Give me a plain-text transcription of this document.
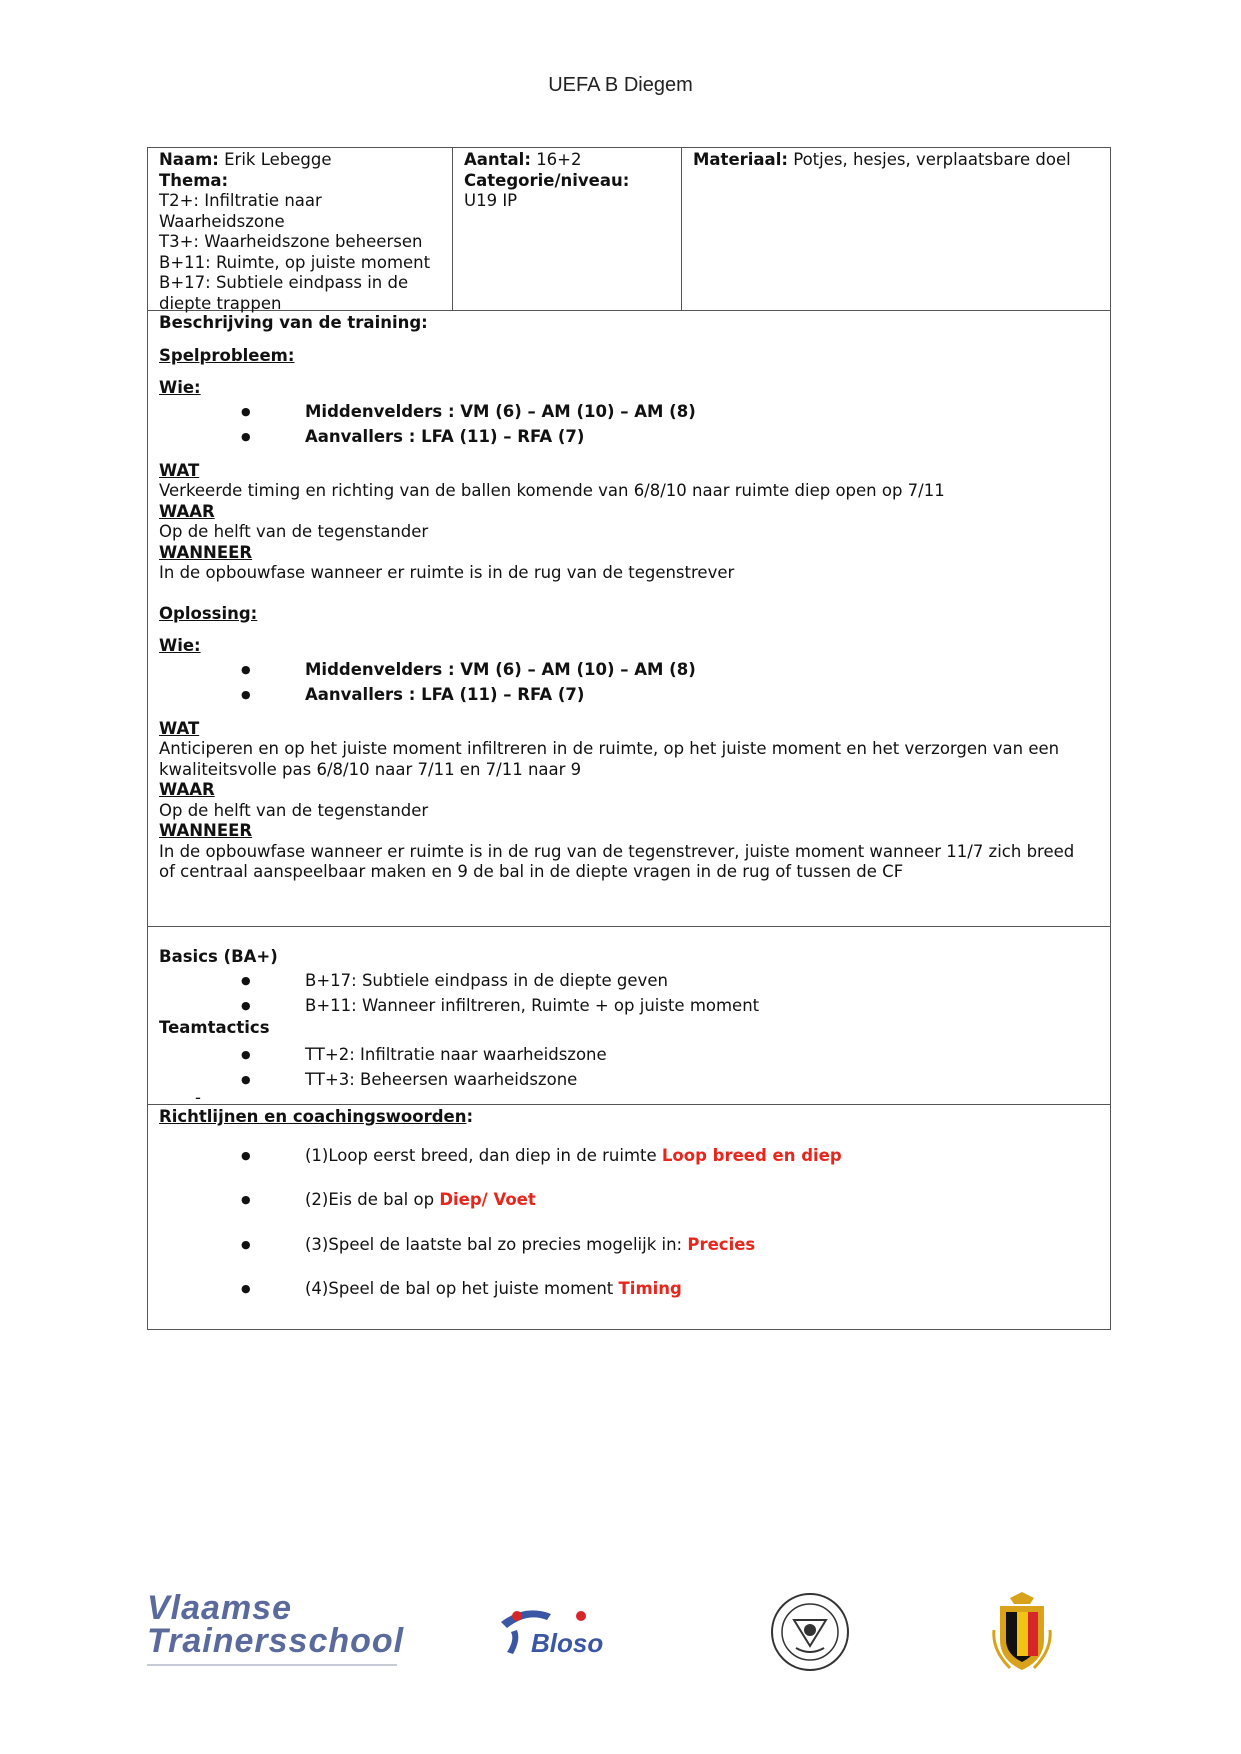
UEFA B Diegem
Naam: Erik Lebegge
Thema:
T2+: Infiltratie naar
Waarheidszone
T3+: Waarheidszone beheersen
B+11: Ruimte, op juiste moment
B+17: Subtiele eindpass in de
diepte trappen
Aantal: 16+2
Categorie/niveau:
U19 IP
Materiaal: Potjes, hesjes, verplaatsbare doel
Beschrijving van de training:
Spelprobleem:
Wie:
● Middenvelders : VM (6) – AM (10) – AM (8)
● Aanvallers : LFA (11) – RFA (7)
WAT
Verkeerde timing en richting van de ballen komende van 6/8/10 naar ruimte diep open op 7/11
WAAR
Op de helft van de tegenstander
WANNEER
In de opbouwfase wanneer er ruimte is in de rug van de tegenstrever
Oplossing:
Wie:
● Middenvelders : VM (6) – AM (10) – AM (8)
● Aanvallers : LFA (11) – RFA (7)
WAT
Anticiperen en op het juiste moment infiltreren in de ruimte, op het juiste moment en het verzorgen van een
kwaliteitsvolle pas 6/8/10 naar 7/11 en 7/11 naar 9
WAAR
Op de helft van de tegenstander
WANNEER
In de opbouwfase wanneer er ruimte is in de rug van de tegenstrever, juiste moment wanneer 11/7 zich breed
of centraal aanspeelbaar maken en 9 de bal in de diepte vragen in de rug of tussen de CF
Basics (BA+)
● B+17: Subtiele eindpass in de diepte geven
● B+11: Wanneer infiltreren, Ruimte + op juiste moment
Teamtactics
● TT+2: Infiltratie naar waarheidszone
● TT+3: Beheersen waarheidszone
-
Richtlijnen en coachingswoorden:
● (1)Loop eerst breed, dan diep in de ruimte Loop breed en diep
● (2)Eis de bal op Diep/ Voet
● (3)Speel de laatste bal zo precies mogelijk in: Precies
● (4)Speel de bal op het juiste moment Timing
Vlaamse
Trainersschool	Bloso
